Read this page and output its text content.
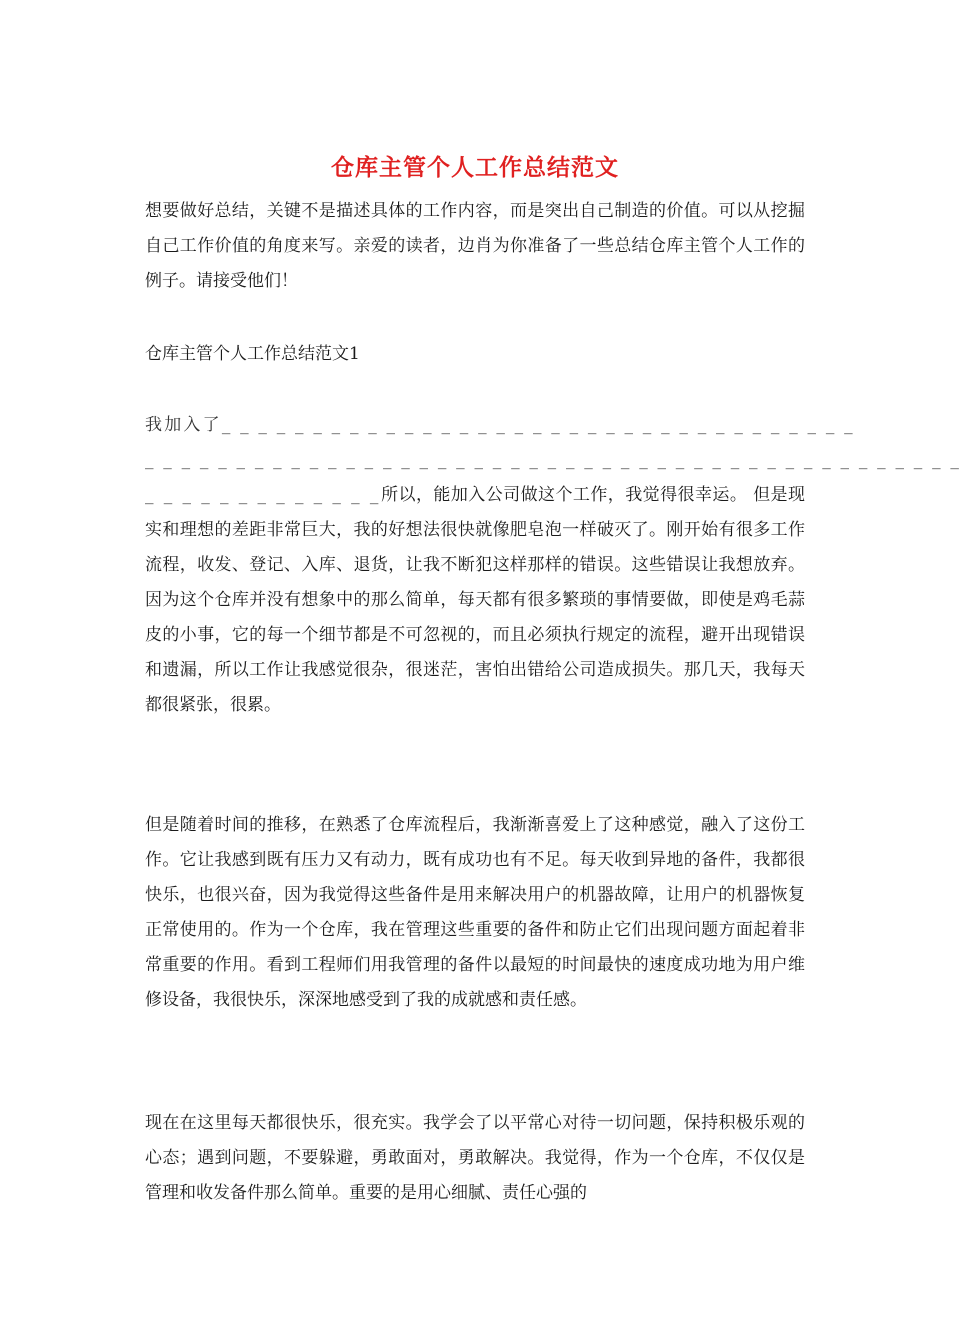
仓库主管个人工作总结范文
想要做好总结，关键不是描述具体的工作内容，而是突出自己制造的价值。可以从挖掘自己工作价值的角度来写。亲爱的读者，边肖为你准备了一些总结仓库主管个人工作的例子。请接受他们！
仓库主管个人工作总结范文1
我加入了_ _ _ _ _ _ _ _ _ _ _ _ _ _ _ _ _ _ _ _ _ _ _ _ _ _ _ _ _ _ _ _ _ _ _
_ _ _ _ _ _ _ _ _ _ _ _ _ _ _ _ _ _ _ _ _ _ _ _ _ _ _ _ _ _ _ _ _ _ _ _ _ _ _ _ _ _ _ _ _
_ _ _ _ _ _ _ _ _ _ _ _ _所以，能加入公司做这个工作，我觉得很幸运。 但是现实和理想的差距非常巨大，我的好想法很快就像肥皂泡一样破灭了。刚开始有很多工作流程，收发、登记、入库、退货，让我不断犯这样那样的错误。这些错误让我想放弃。因为这个仓库并没有想象中的那么简单，每天都有很多繁琐的事情要做，即使是鸡毛蒜皮的小事，它的每一个细节都是不可忽视的，而且必须执行规定的流程，避开出现错误和遗漏，所以工作让我感觉很杂，很迷茫，害怕出错给公司造成损失。那几天，我每天都很紧张，很累。
但是随着时间的推移，在熟悉了仓库流程后，我渐渐喜爱上了这种感觉，融入了这份工作。它让我感到既有压力又有动力，既有成功也有不足。每天收到异地的备件，我都很快乐，也很兴奋，因为我觉得这些备件是用来解决用户的机器故障，让用户的机器恢复正常使用的。作为一个仓库，我在管理这些重要的备件和防止它们出现问题方面起着非常重要的作用。看到工程师们用我管理的备件以最短的时间最快的速度成功地为用户维修设备，我很快乐，深深地感受到了我的成就感和责任感。
现在在这里每天都很快乐，很充实。我学会了以平常心对待一切问题，保持积极乐观的心态；遇到问题，不要躲避，勇敢面对，勇敢解决。我觉得，作为一个仓库，不仅仅是管理和收发备件那么简单。重要的是用心细腻、责任心强的
